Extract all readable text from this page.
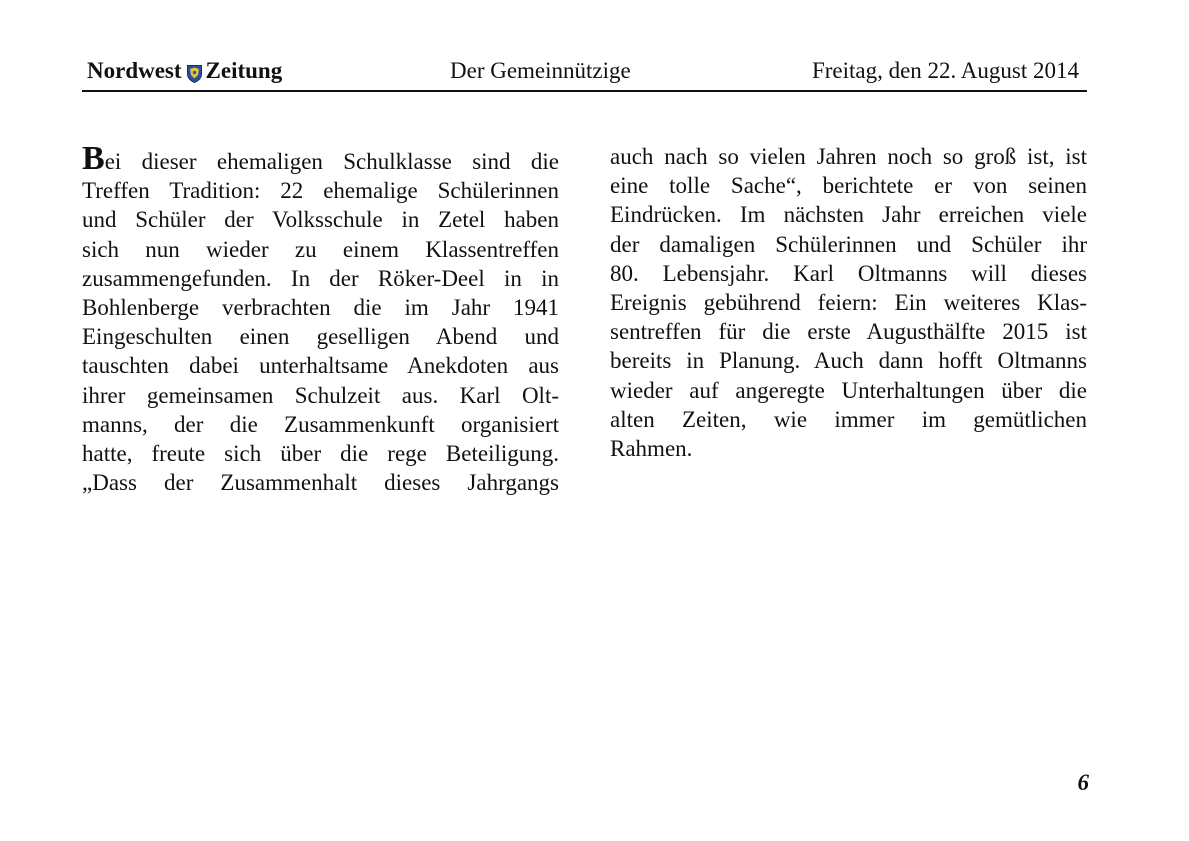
Nordwest Zeitung	Der Gemeinnützige	Freitag, den 22. August 2014
Bei dieser ehemaligen Schulklasse sind die
Treffen Tradition: 22 ehemalige Schülerinnen
und Schüler der Volksschule in Zetel haben
sich nun wieder zu einem Klassentreffen
zusammengefunden. In der Röker-Deel in in
Bohlenberge verbrachten die im Jahr 1941
Eingeschulten einen geselligen Abend und
tauschten dabei unterhaltsame Anekdoten aus
ihrer gemeinsamen Schulzeit aus. Karl Olt-
manns, der die Zusammenkunft organisiert
hatte, freute sich über die rege Beteiligung.
„Dass der Zusammenhalt dieses Jahrgangs
auch nach so vielen Jahren noch so groß ist, ist
eine tolle Sache“, berichtete er von seinen
Eindrücken. Im nächsten Jahr erreichen viele
der damaligen Schülerinnen und Schüler ihr
80. Lebensjahr. Karl Oltmanns will dieses
Ereignis gebührend feiern: Ein weiteres Klas-
sentreffen für die erste Augusthälfte 2015 ist
bereits in Planung. Auch dann hofft Oltmanns
wieder auf angeregte Unterhaltungen über die
alten Zeiten, wie immer im gemütlichen
Rahmen.
6
